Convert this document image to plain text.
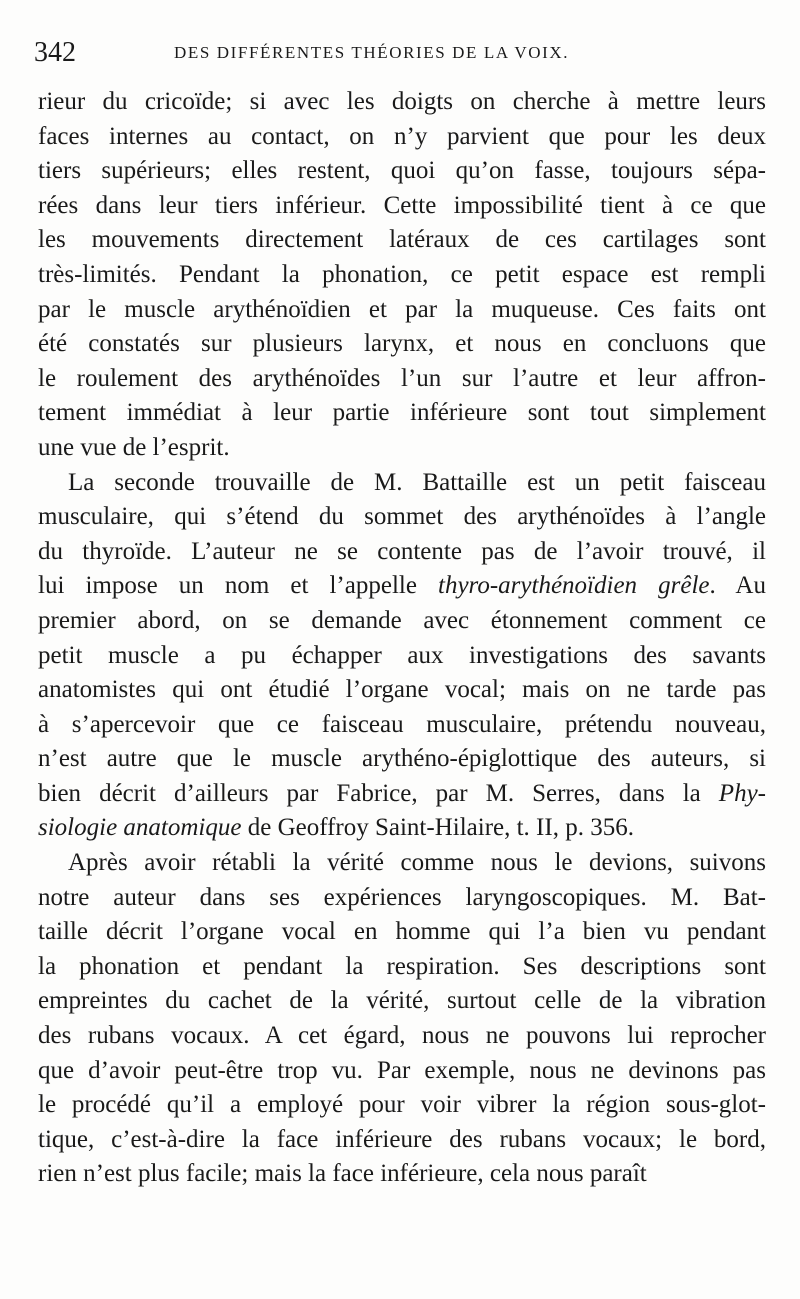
342	DES DIFFÉRENTES THÉORIES DE LA VOIX.
rieur du cricoïde; si avec les doigts on cherche à mettre leurs
faces internes au contact, on n’y parvient que pour les deux
tiers supérieurs; elles restent, quoi qu’on fasse, toujours sépa-
rées dans leur tiers inférieur. Cette impossibilité tient à ce que
les mouvements directement latéraux de ces cartilages sont
très-limités. Pendant la phonation, ce petit espace est rempli
par le muscle arythénoïdien et par la muqueuse. Ces faits ont
été constatés sur plusieurs larynx, et nous en concluons que
le roulement des arythénoïdes l’un sur l’autre et leur affron-
tement immédiat à leur partie inférieure sont tout simplement
une vue de l’esprit.
La seconde trouvaille de M. Battaille est un petit faisceau
musculaire, qui s’étend du sommet des arythénoïdes à l’angle
du thyroïde. L’auteur ne se contente pas de l’avoir trouvé, il
lui impose un nom et l’appelle thyro-arythénoïdien grêle. Au
premier abord, on se demande avec étonnement comment ce
petit muscle a pu échapper aux investigations des savants
anatomistes qui ont étudié l’organe vocal; mais on ne tarde pas
à s’apercevoir que ce faisceau musculaire, prétendu nouveau,
n’est autre que le muscle arythéno-épiglottique des auteurs, si
bien décrit d’ailleurs par Fabrice, par M. Serres, dans la Phy-
siologie anatomique de Geoffroy Saint-Hilaire, t. II, p. 356.
Après avoir rétabli la vérité comme nous le devions, suivons
notre auteur dans ses expériences laryngoscopiques. M. Bat-
taille décrit l’organe vocal en homme qui l’a bien vu pendant
la phonation et pendant la respiration. Ses descriptions sont
empreintes du cachet de la vérité, surtout celle de la vibration
des rubans vocaux. A cet égard, nous ne pouvons lui reprocher
que d’avoir peut-être trop vu. Par exemple, nous ne devinons pas
le procédé qu’il a employé pour voir vibrer la région sous-glot-
tique, c’est-à-dire la face inférieure des rubans vocaux; le bord,
rien n’est plus facile; mais la face inférieure, cela nous paraît
